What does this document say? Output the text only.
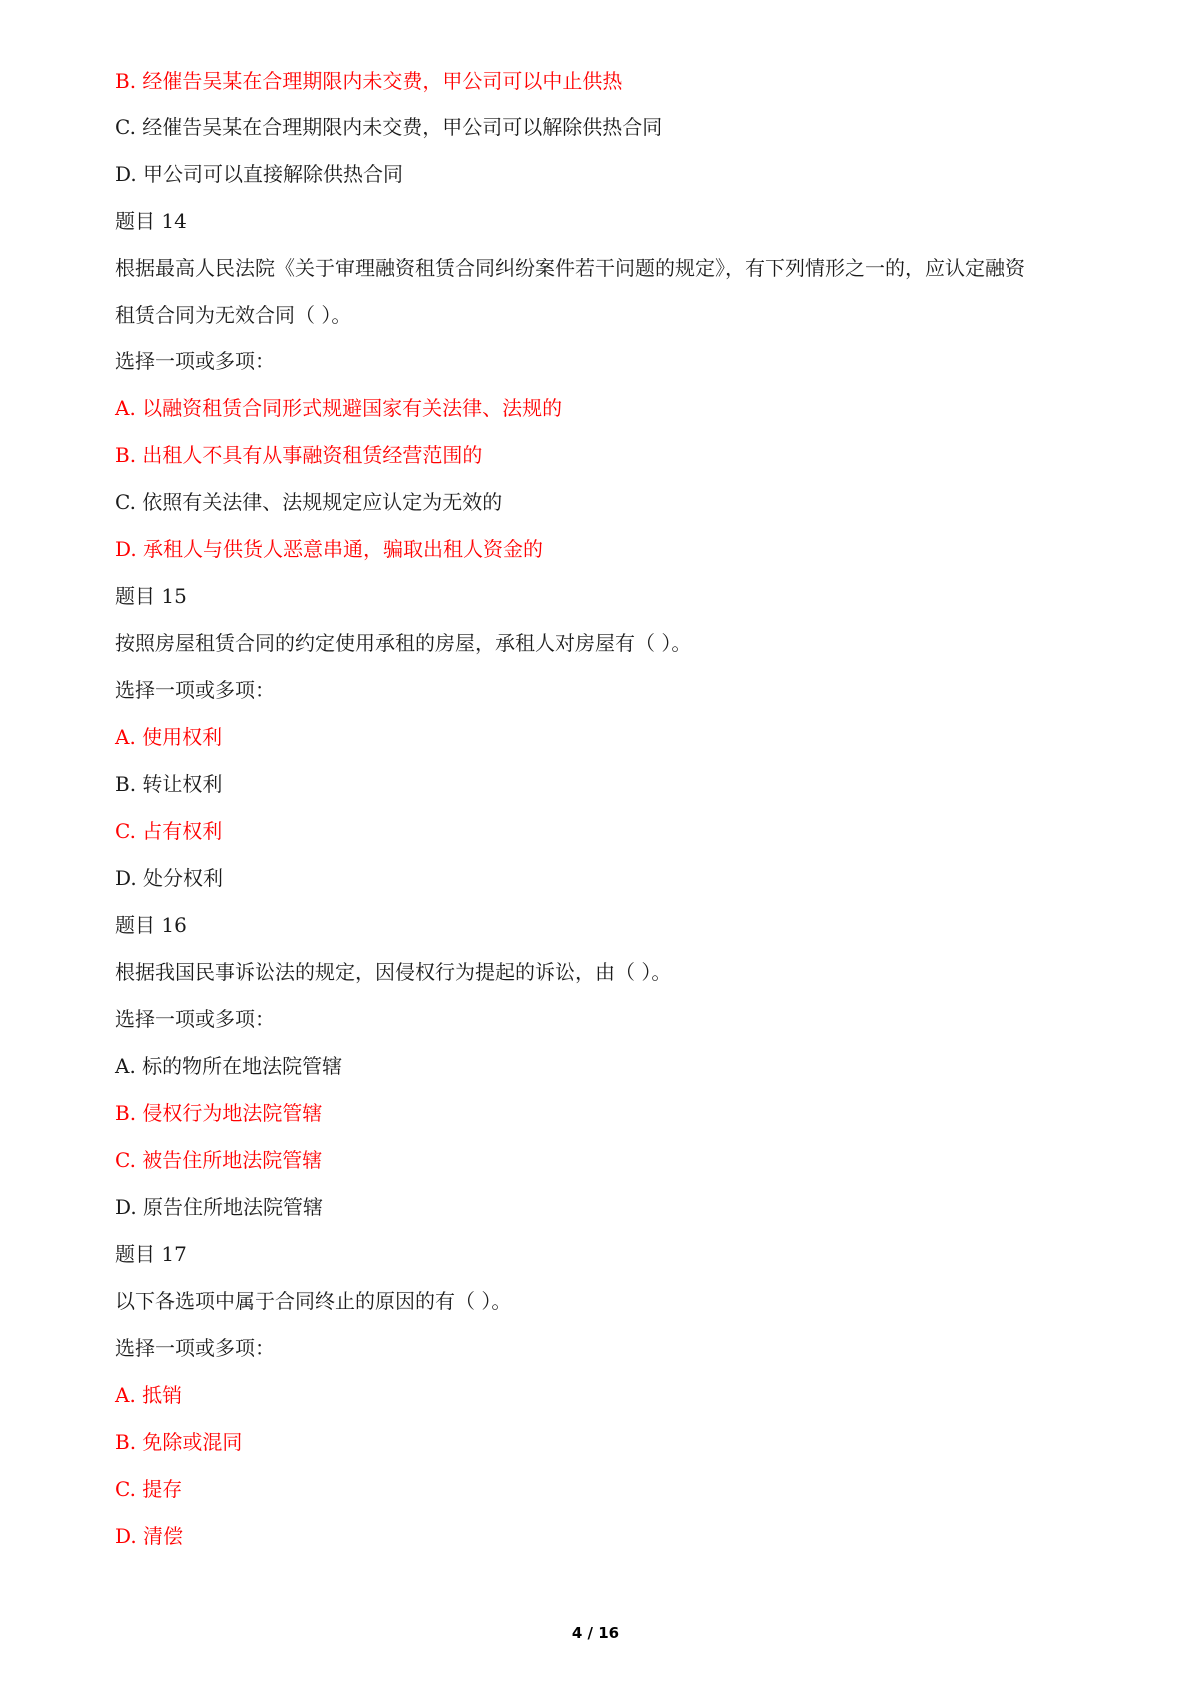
B. 经催告吴某在合理期限内未交费，甲公司可以中止供热
C. 经催告吴某在合理期限内未交费，甲公司可以解除供热合同
D. 甲公司可以直接解除供热合同
题目 14
根据最高人民法院《关于审理融资租赁合同纠纷案件若干问题的规定》，有下列情形之一的，应认定融资
租赁合同为无效合同（ ）。
选择一项或多项：
A. 以融资租赁合同形式规避国家有关法律、法规的
B. 出租人不具有从事融资租赁经营范围的
C. 依照有关法律、法规规定应认定为无效的
D. 承租人与供货人恶意串通，骗取出租人资金的
题目 15
按照房屋租赁合同的约定使用承租的房屋，承租人对房屋有（ ）。
选择一项或多项：
A. 使用权利
B. 转让权利
C. 占有权利
D. 处分权利
题目 16
根据我国民事诉讼法的规定，因侵权行为提起的诉讼，由（ ）。
选择一项或多项：
A. 标的物所在地法院管辖
B. 侵权行为地法院管辖
C. 被告住所地法院管辖
D. 原告住所地法院管辖
题目 17
以下各选项中属于合同终止的原因的有（ ）。
选择一项或多项：
A. 抵销
B. 免除或混同
C. 提存
D. 清偿
4 / 16
